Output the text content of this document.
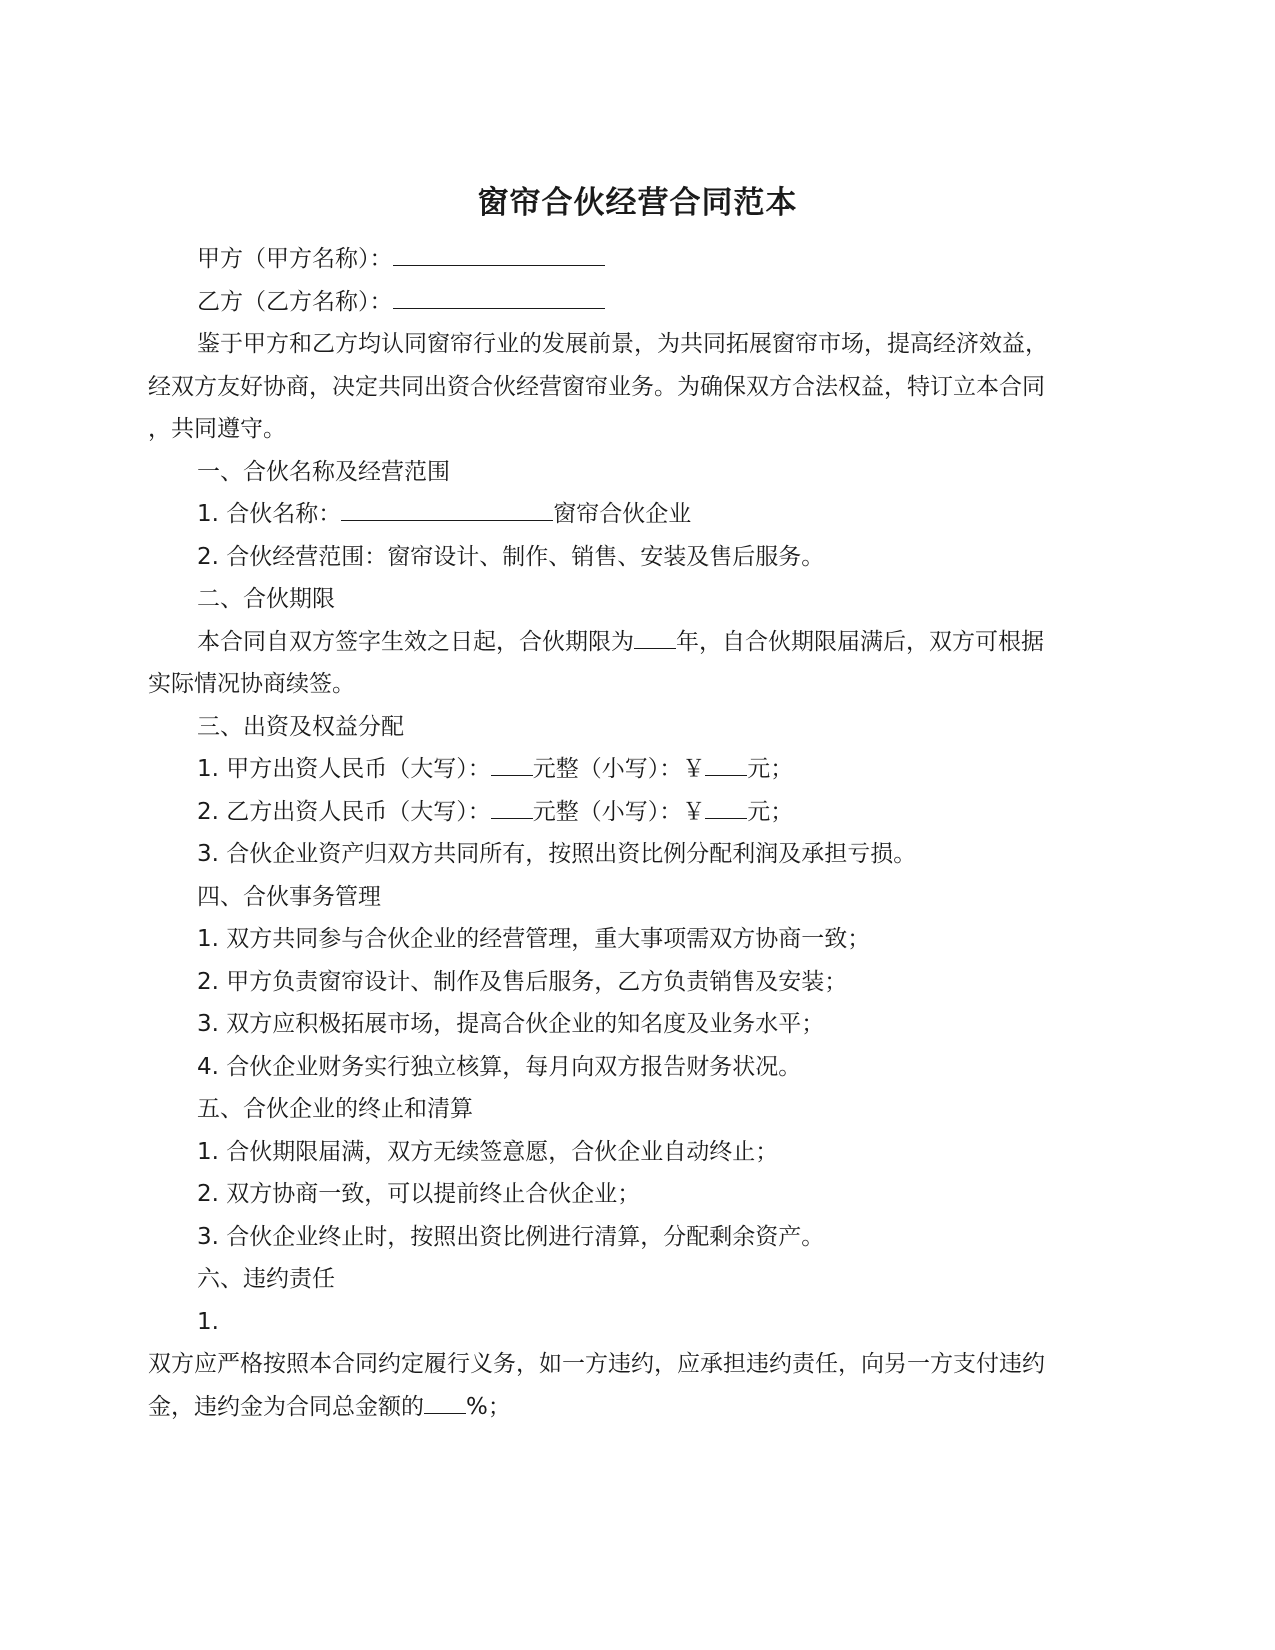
窗帘合伙经营合同范本
甲方（甲方名称）：
乙方（乙方名称）：
鉴于甲方和乙方均认同窗帘行业的发展前景，为共同拓展窗帘市场，提高经济效益，
经双方友好协商，决定共同出资合伙经营窗帘业务。为确保双方合法权益，特订立本合同
，共同遵守。
一、合伙名称及经营范围
1. 合伙名称：	窗帘合伙企业
2. 合伙经营范围：窗帘设计、制作、销售、安装及售后服务。
二、合伙期限
本合同自双方签字生效之日起，合伙期限为 年，自合伙期限届满后，双方可根据
实际情况协商续签。
三、出资及权益分配
1. 甲方出资人民币（大写）： 元整（小写）：￥ 元；
2. 乙方出资人民币（大写）： 元整（小写）：￥ 元；
3. 合伙企业资产归双方共同所有，按照出资比例分配利润及承担亏损。
四、合伙事务管理
1. 双方共同参与合伙企业的经营管理，重大事项需双方协商一致；
2. 甲方负责窗帘设计、制作及售后服务，乙方负责销售及安装；
3. 双方应积极拓展市场，提高合伙企业的知名度及业务水平；
4. 合伙企业财务实行独立核算，每月向双方报告财务状况。
五、合伙企业的终止和清算
1. 合伙期限届满，双方无续签意愿，合伙企业自动终止；
2. 双方协商一致，可以提前终止合伙企业；
3. 合伙企业终止时，按照出资比例进行清算，分配剩余资产。
六、违约责任
1.
双方应严格按照本合同约定履行义务，如一方违约，应承担违约责任，向另一方支付违约
金，违约金为合同总金额的 %；
